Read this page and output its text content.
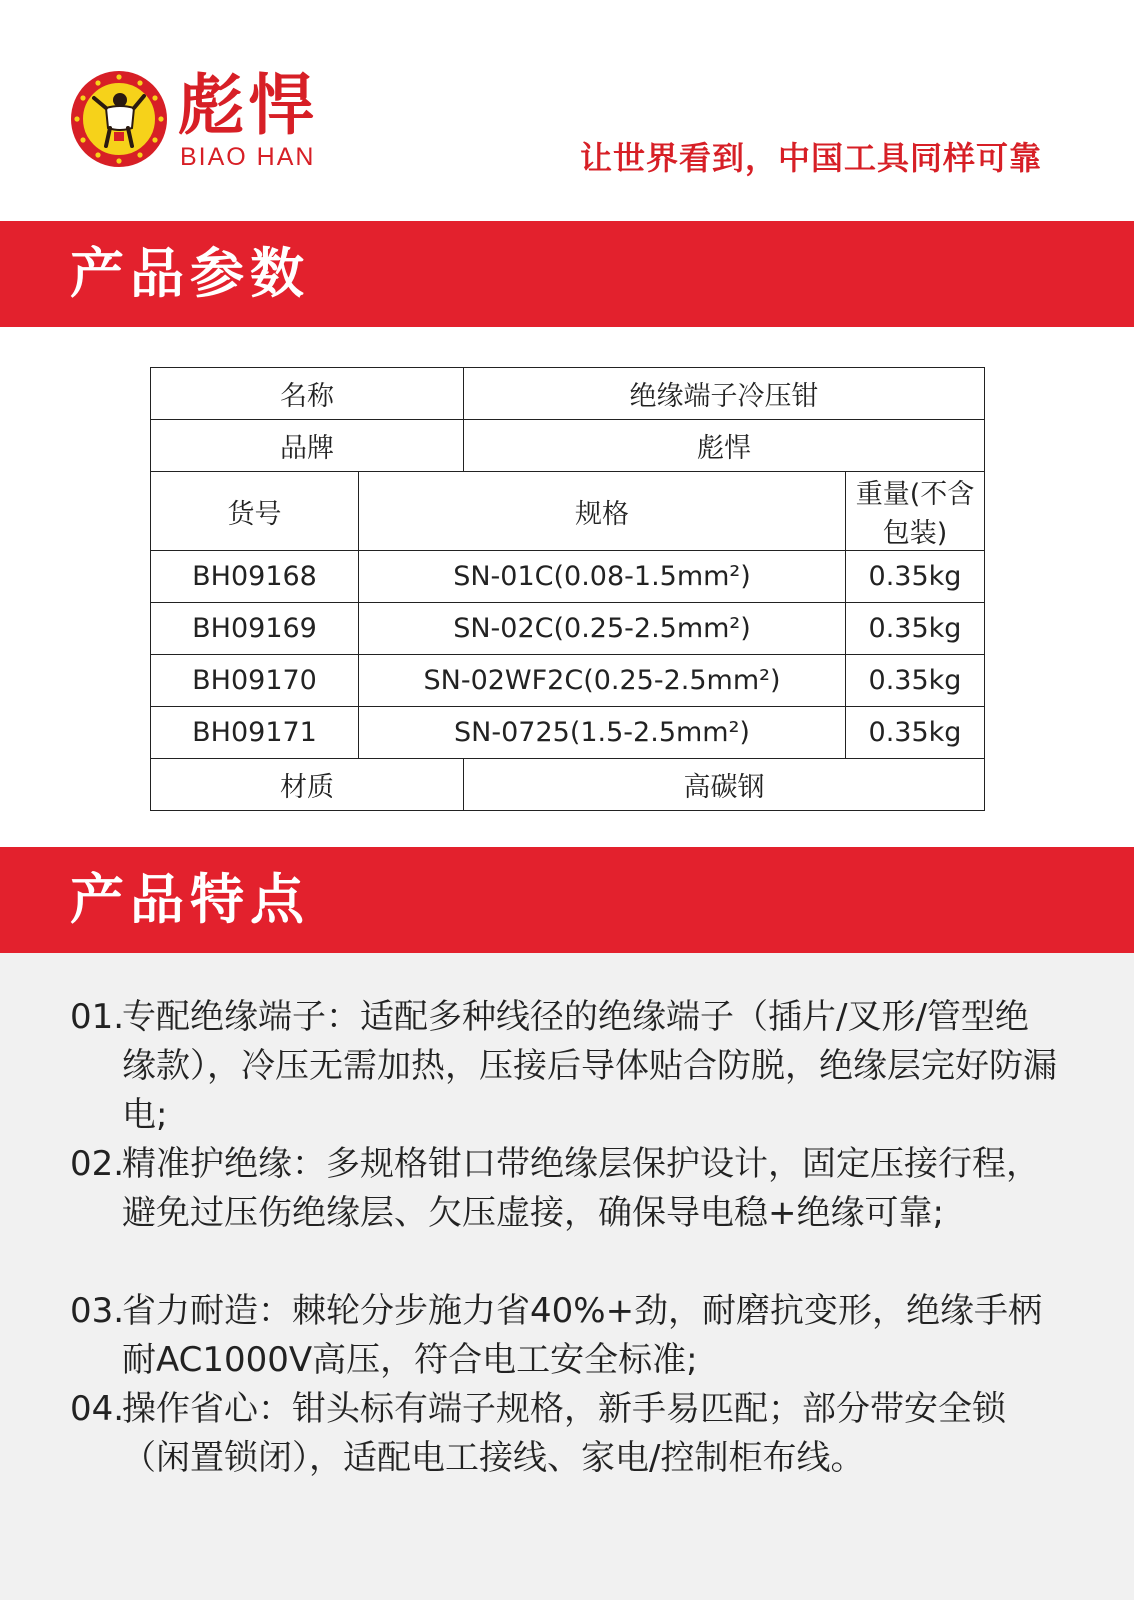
彪悍
BIAO HAN	让世界看到，中国工具同样可靠
产品参数
名称		绝缘端子冷压钳	
品牌		彪悍	
货号	规格		重量(不含包装)
BH09168	SN-01C(0.08-1.5mm²)		0.35kg
BH09169	SN-02C(0.25-2.5mm²)		0.35kg
BH09170	SN-02WF2C(0.25-2.5mm²)		0.35kg
BH09171	SN-0725(1.5-2.5mm²)		0.35kg
材质		高碳钢	
产品特点
01.
专配绝缘端子：适配多种线径的绝缘端子（插片/叉形/管型绝缘款），冷压无需加热，压接后导体贴合防脱，绝缘层完好防漏电;
02.
精准护绝缘：多规格钳口带绝缘层保护设计，固定压接行程，避免过压伤绝缘层、欠压虚接，确保导电稳+绝缘可靠;
03.
省力耐造：棘轮分步施力省40%+劲，耐磨抗变形，绝缘手柄耐AC1000V高压，符合电工安全标准;
04.
操作省心：钳头标有端子规格，新手易匹配；部分带安全锁（闲置锁闭），适配电工接线、家电/控制柜布线。
